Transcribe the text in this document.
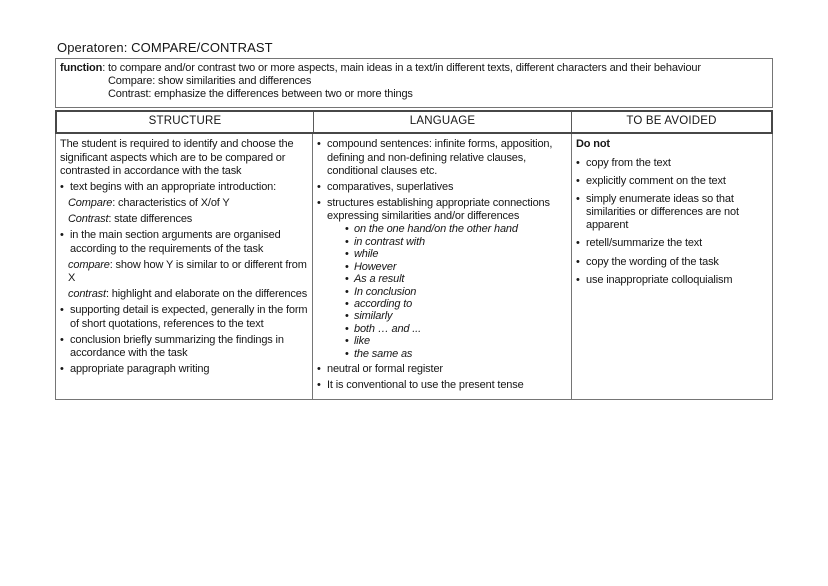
Operatoren: COMPARE/CONTRAST
function: to compare and/or contrast two or more aspects, main ideas in a text/in different texts, different characters and their behaviour
Compare: show similarities and differences
Contrast: emphasize the differences between two or more things
STRUCTURE	LANGUAGE	TO BE AVOIDED
The student is required to identify and choose the significant aspects which are to be compared or contrasted in accordance with the task
• text begins with an appropriate introduction:
Compare: characteristics of X/of Y
Contrast: state differences
• in the main section arguments are organised according to the requirements of the task
compare: show how Y is similar to or different from X
contrast: highlight and elaborate on the differences
• supporting detail is expected, generally in the form of short quotations, references to the text
• conclusion briefly summarizing the findings in accordance with the task
• appropriate paragraph writing
• compound sentences: infinite forms, apposition, defining and non-defining relative clauses, conditional clauses etc.
• comparatives, superlatives
• structures establishing appropriate connections expressing similarities and/or differences
• on the one hand/on the other hand
• in contrast with
• while
• However
• As a result
• In conclusion
• according to
• similarly
• both … and ...
• like
• the same as
• neutral or formal register
• It is conventional to use the present tense
Do not
• copy from the text
• explicitly comment on the text
• simply enumerate ideas so that similarities or differences are not apparent
• retell/summarize the text
• copy the wording of the task
• use inappropriate colloquialism
